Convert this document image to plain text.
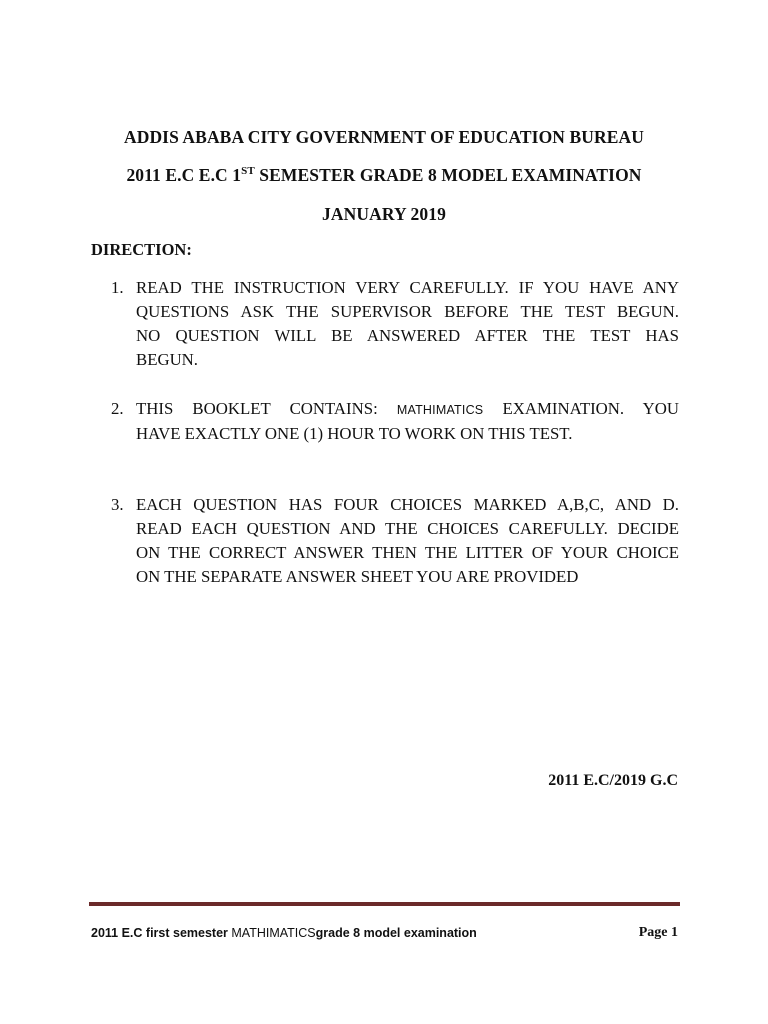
ADDIS ABABA CITY GOVERNMENT OF EDUCATION BUREAU
2011 E.C E.C 1ST SEMESTER GRADE 8 MODEL EXAMINATION
JANUARY 2019
DIRECTION:
1. READ THE INSTRUCTION VERY CAREFULLY. IF YOU HAVE ANY
QUESTIONS ASK THE SUPERVISOR BEFORE THE TEST BEGUN.
NO QUESTION WILL BE ANSWERED AFTER THE TEST HAS
BEGUN.
2. THIS BOOKLET CONTAINS: MATHIMATICS EXAMINATION. YOU
HAVE EXACTLY ONE (1) HOUR TO WORK ON THIS TEST.
3. EACH QUESTION HAS FOUR CHOICES MARKED A,B,C, AND D.
READ EACH QUESTION AND THE CHOICES CAREFULLY. DECIDE
ON THE CORRECT ANSWER THEN THE LITTER OF YOUR CHOICE
ON THE SEPARATE ANSWER SHEET YOU ARE PROVIDED
2011 E.C/2019 G.C
2011 E.C first semester MATHIMATICSgrade 8 model examination	Page 1
